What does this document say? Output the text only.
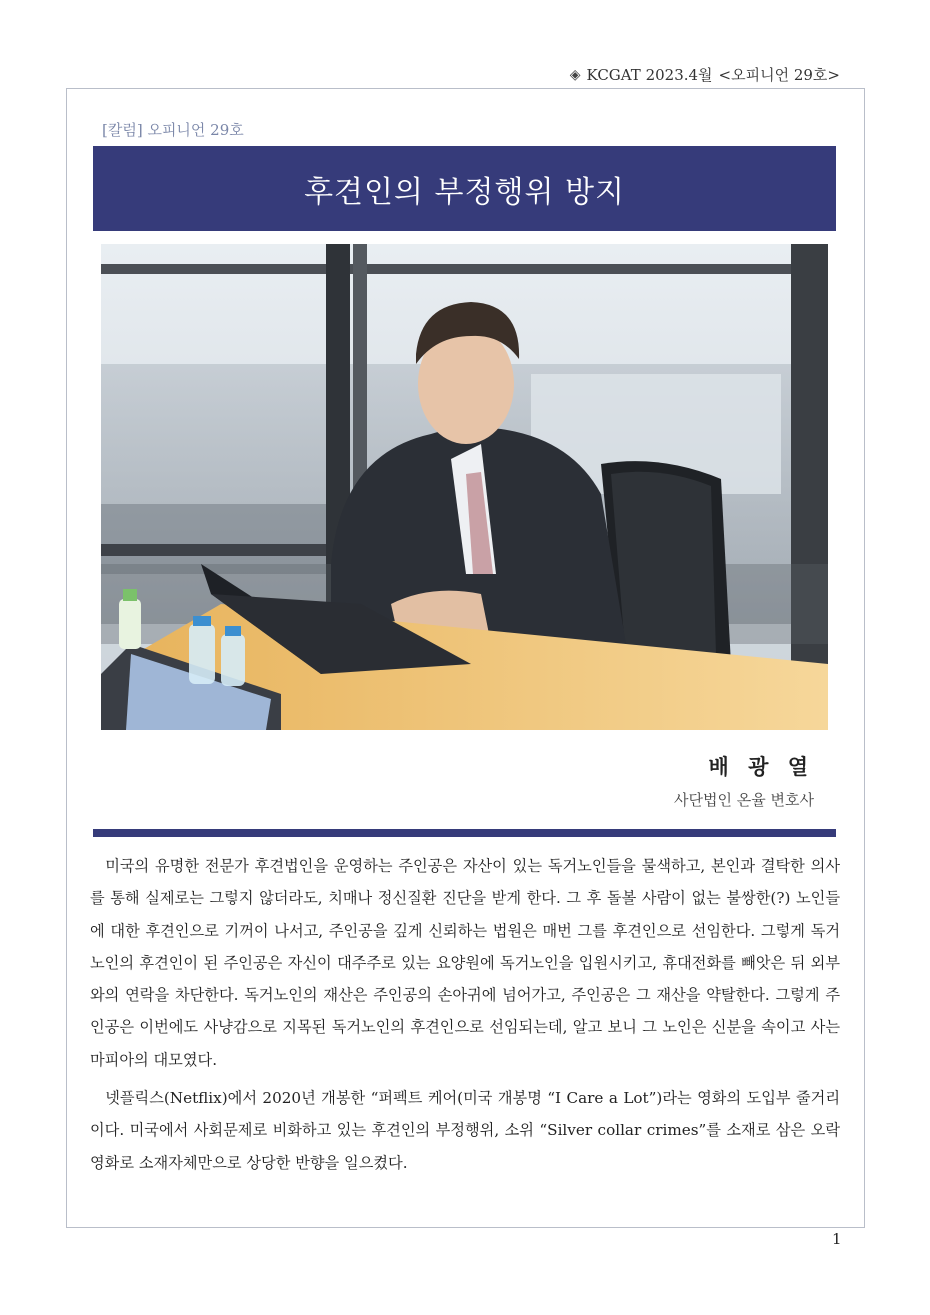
◈ KCGAT 2023.4월 <오피니언 29호>
[칼럼] 오피니언 29호
후견인의 부정행위 방지
배 광 열
사단법인 온율 변호사

미국의 유명한 전문가 후견법인을 운영하는 주인공은 자산이 있는 독거노인들을 물색하고, 본인과 결탁한 의사를 통해 실제로는 그렇지 않더라도, 치매나 정신질환 진단을 받게 한다. 그 후 돌볼 사람이 없는 불쌍한(?) 노인들에 대한 후견인으로 기꺼이 나서고, 주인공을 깊게 신뢰하는 법원은 매번 그를 후견인으로 선임한다. 그렇게 독거노인의 후견인이 된 주인공은 자신이 대주주로 있는 요양원에 독거노인을 입원시키고, 휴대전화를 빼앗은 뒤 외부와의 연락을 차단한다. 독거노인의 재산은 주인공의 손아귀에 넘어가고, 주인공은 그 재산을 약탈한다. 그렇게 주인공은 이번에도 사냥감으로 지목된 독거노인의 후견인으로 선임되는데, 알고 보니 그 노인은 신분을 속이고 사는 마피아의 대모였다.

넷플릭스(Netflix)에서 2020년 개봉한 “퍼펙트 케어(미국 개봉명 “I Care a Lot”)라는 영화의 도입부 줄거리이다. 미국에서 사회문제로 비화하고 있는 후견인의 부정행위, 소위 “Silver collar crimes”를 소재로 삼은 오락영화로 소재자체만으로 상당한 반향을 일으켰다.

1
